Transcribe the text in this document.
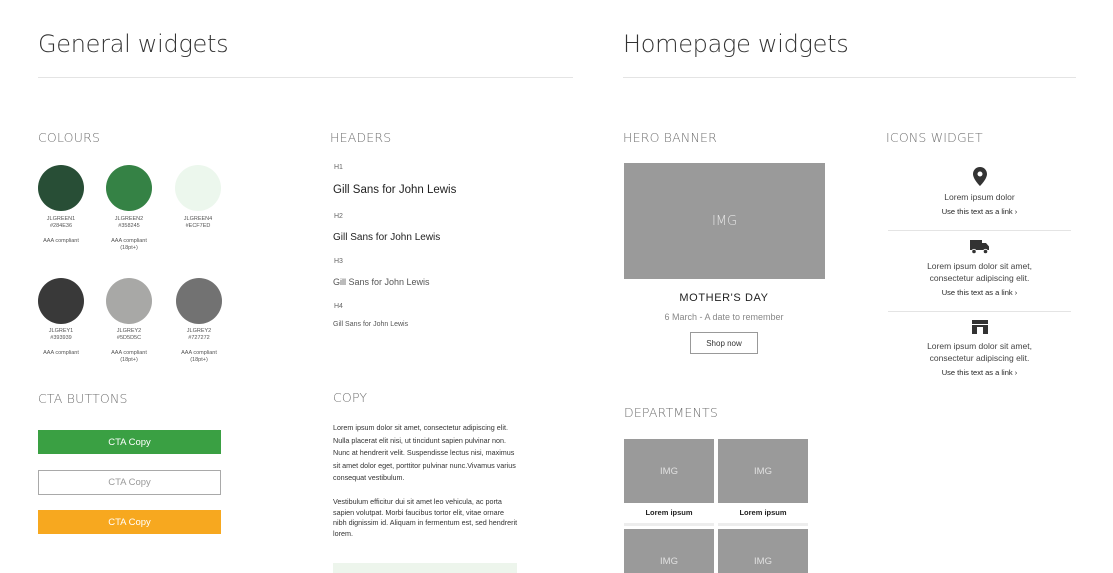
General widgets
COLOURS
JLGREEN1
#284E36
AAA compliant
JLGREEN2
#358245
AAA compliant
(18pt+)
JLGREEN4
#ECF7ED
JLGREY1
#393939
AAA compliant
JLGREY2
#5D5D5C
AAA compliant
(18pt+)
JLGREY2
#727272
AAA compliant
(18pt+)
CTA BUTTONS
CTA Copy
CTA Copy
CTA Copy
HEADERS
H1
Gill Sans for John Lewis
H2
Gill Sans for John Lewis
H3
Gill Sans for John Lewis
H4
Gill Sans for John Lewis
COPY
Lorem ipsum dolor sit amet, consectetur adipiscing elit. Nulla placerat elit nisi, ut tincidunt sapien pulvinar non. Nunc at hendrerit velit. Suspendisse lectus nisi, maximus sit amet dolor eget, porttitor pulvinar nunc.Vivamus varius consequat vestibulum.
Vestibulum efficitur dui sit amet leo vehicula, ac porta sapien volutpat. Morbi faucibus tortor elit, vitae ornare nibh dignissim id. Aliquam in fermentum est, sed hendrerit lorem.
Homepage widgets
HERO BANNER
IMG
MOTHER'S DAY
6 March - A date to remember
Shop now
DEPARTMENTS
IMG
Lorem ipsum
IMG
Lorem ipsum
IMG	IMG
ICONS WIDGET
Lorem ipsum dolor
Use this text as a link ›
Lorem ipsum dolor sit amet, consectetur adipiscing elit.
Use this text as a link ›
Lorem ipsum dolor sit amet, consectetur adipiscing elit.
Use this text as a link ›
